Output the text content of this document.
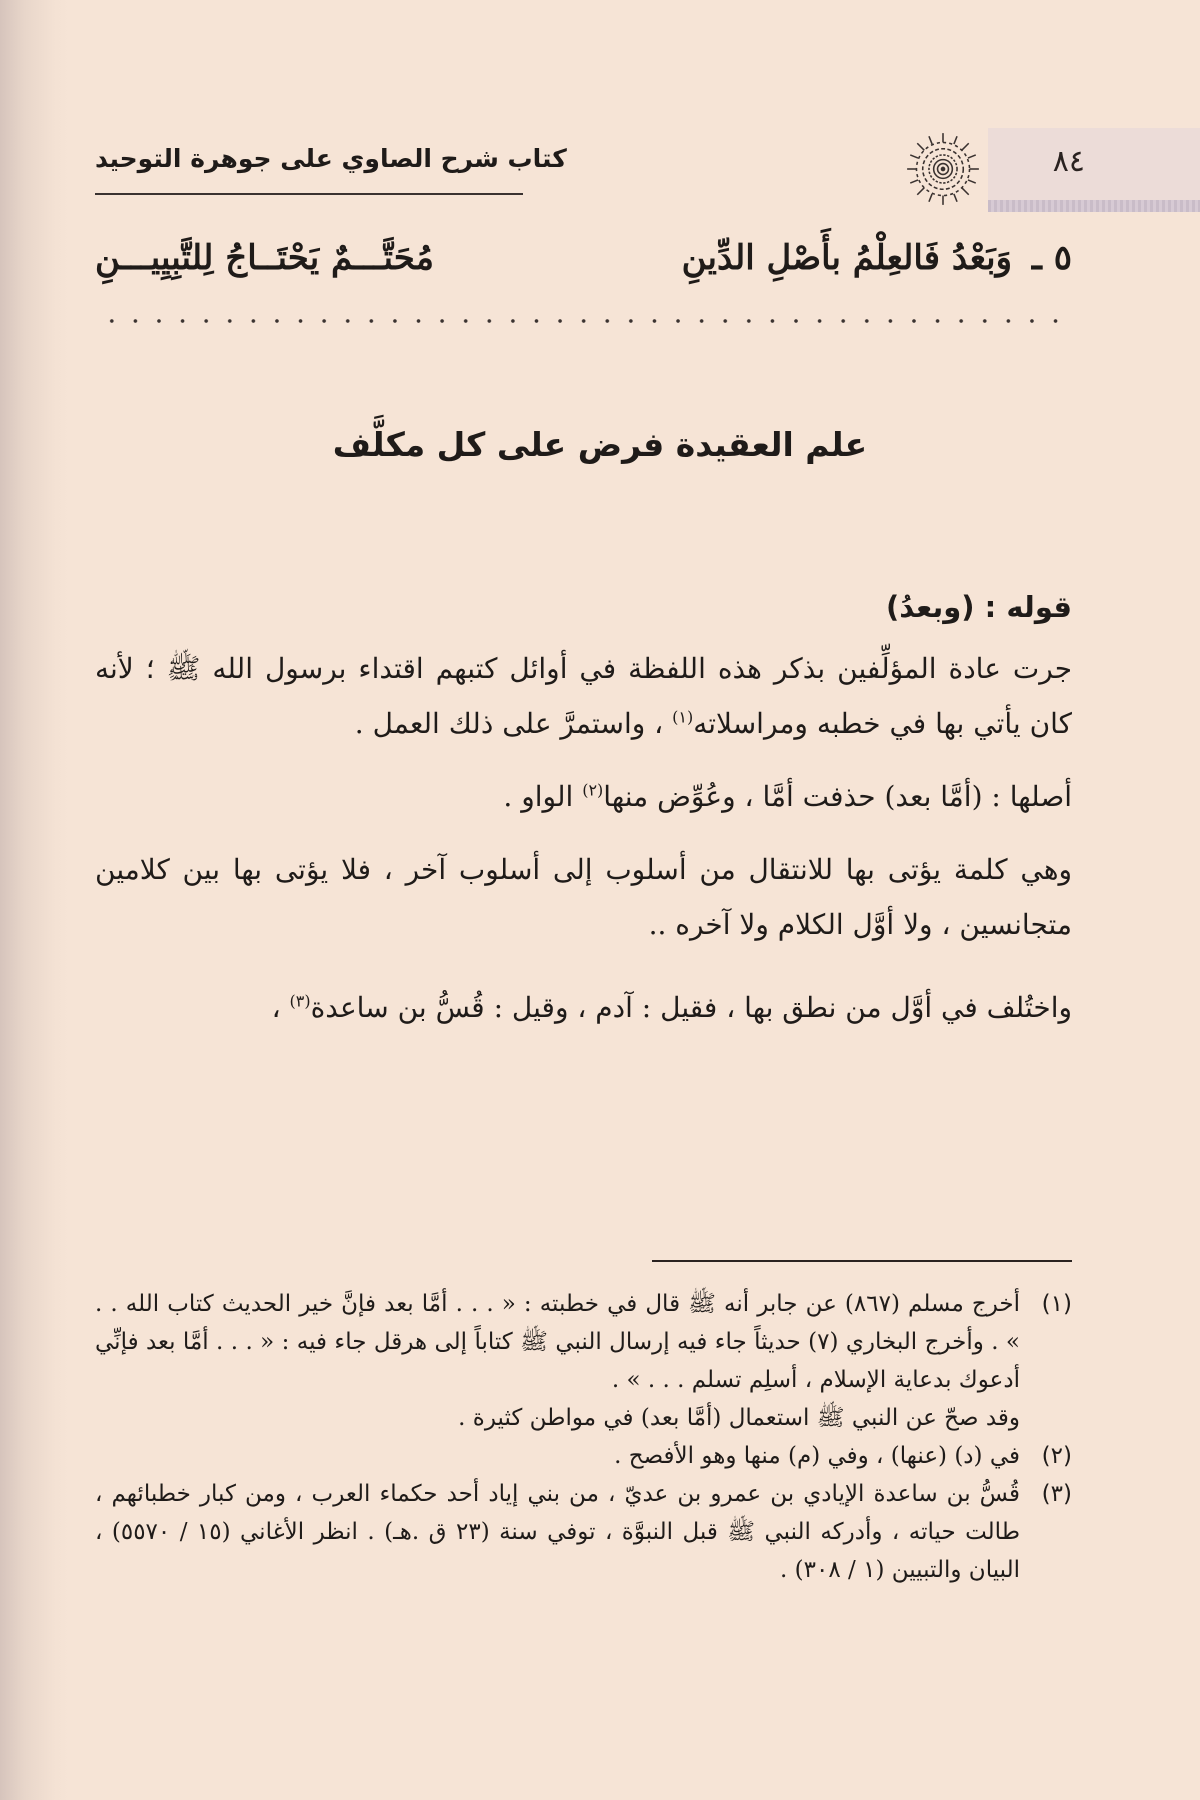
٨٤
كتاب شرح الصاوي على جوهرة التوحيد
٥ ـ
وَبَعْدُ فَالعِلْمُ بأَصْلِ الدِّينِ
مُحَتَّـــمٌ يَحْتَــاجُ لِلتَّبِيِيـــنِ
علم العقيدة فرض على كل مكلَّف

قوله : (وبعدُ)

جرت عادة المؤلِّفين بذكر هذه اللفظة في أوائل كتبهم اقتداء برسول الله ﷺ ؛ لأنه كان يأتي بها في خطبه ومراسلاته$^{(١)}$ ، واستمرَّ على ذلك العمل .

أصلها : (أمَّا بعد) حذفت أمَّا ، وعُوِّض منها$^{(٢)}$ الواو .

وهي كلمة يؤتى بها للانتقال من أسلوب إلى أسلوب آخر ، فلا يؤتى بها بين كلامين متجانسين ، ولا أوَّل الكلام ولا آخره ..

واختُلف في أوَّل من نطق بها ، فقيل : آدم ، وقيل : قُسُّ بن ساعدة$^{(٣)}$ ،

(١)

أخرج مسلم (٨٦٧) عن جابر أنه ﷺ قال في خطبته : « . . . أمَّا بعد فإنَّ خير الحديث كتاب الله . . » . وأخرج البخاري (٧) حديثاً جاء فيه إرسال النبي ﷺ كتاباً إلى هرقل جاء فيه : « . . . أمَّا بعد فإنِّي أدعوك بدعاية الإسلام ، أسلِم تسلم . . . » .

وقد صحّ عن النبي ﷺ استعمال (أمَّا بعد) في مواطن كثيرة .

(٢)

في (د) (عنها) ، وفي (م) منها وهو الأفصح .

(٣)

قُسُّ بن ساعدة الإيادي بن عمرو بن عديّ ، من بني إياد أحد حكماء العرب ، ومن كبار خطبائهم ، طالت حياته ، وأدركه النبي ﷺ قبل النبوَّة ، توفي سنة (٢٣ ق .هـ) . انظر الأغاني (١٥ / ٥٥٧٠) ، البيان والتبيين (١ / ٣٠٨) .
